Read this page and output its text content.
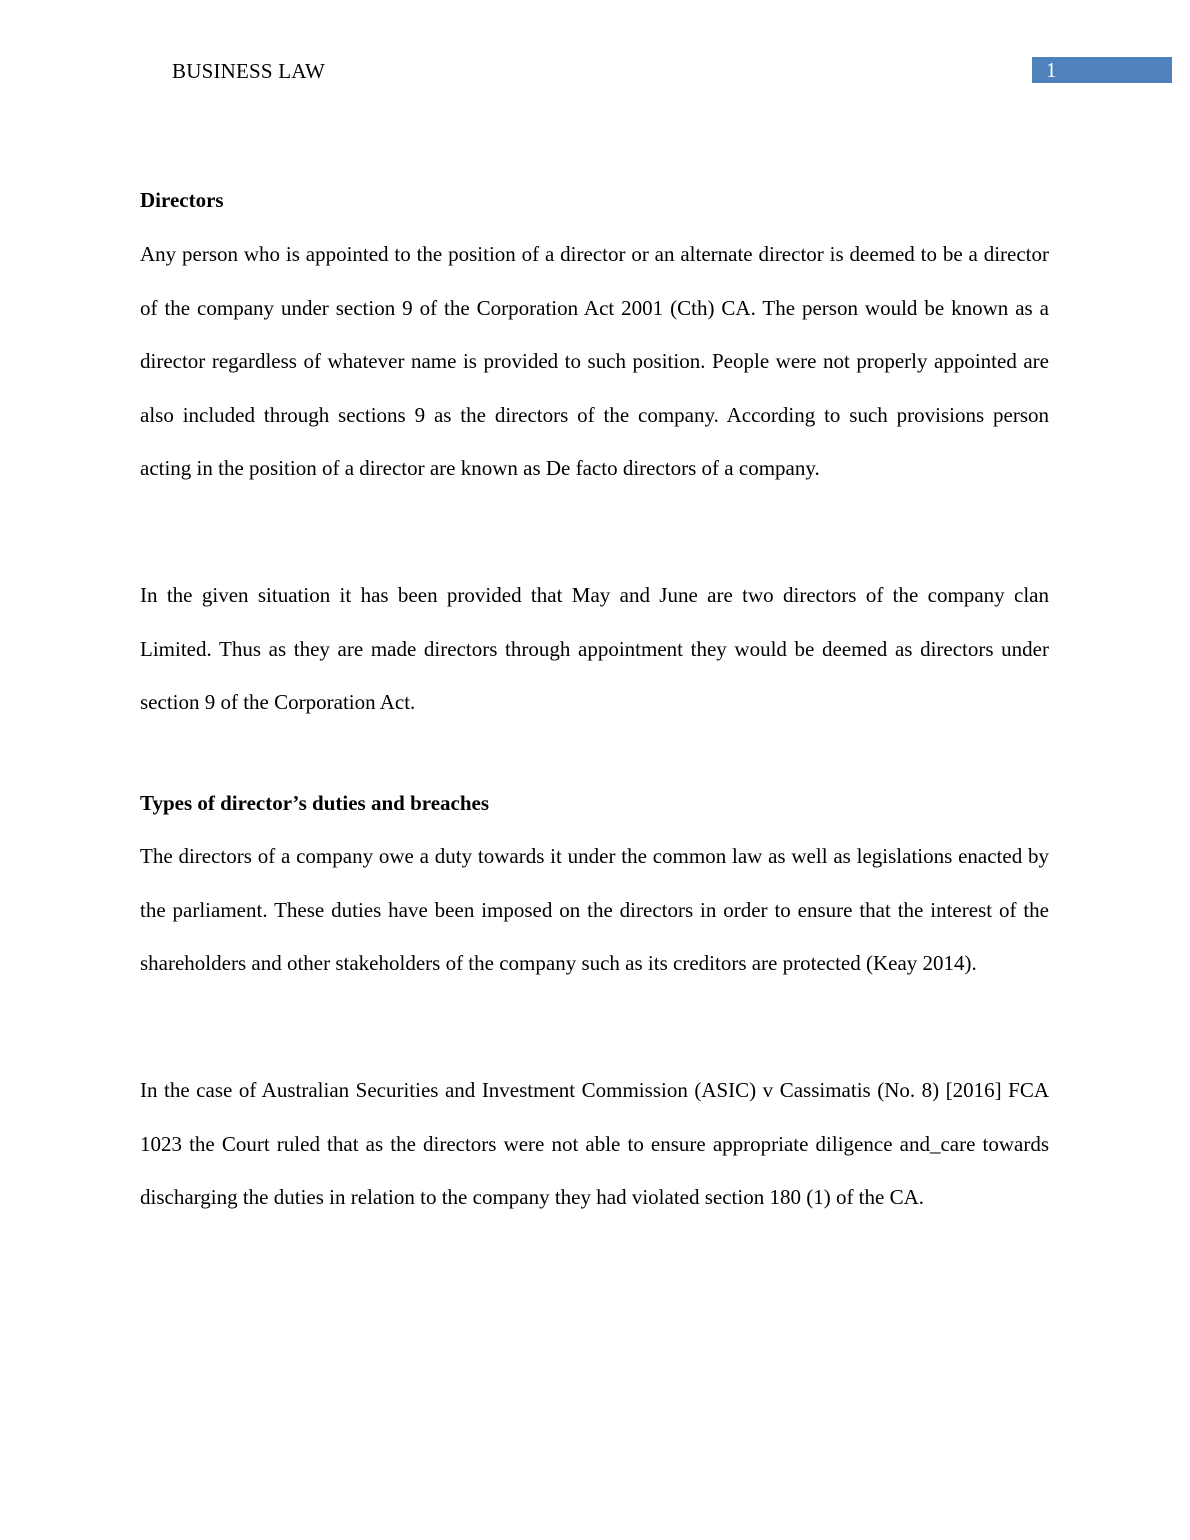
BUSINESS LAW	1
Directors

Any person who is appointed to the position of a director or an alternate director is deemed to be a director of the company under section 9 of the Corporation Act 2001 (Cth) CA. The person would be known as a director regardless of whatever name is provided to such position. People were not properly appointed are also included through sections 9 as the directors of the company. According to such provisions person acting in the position of a director are known as De facto directors of a company.

In the given situation it has been provided that May and June are two directors of the company clan Limited. Thus as they are made directors through appointment they would be deemed as directors under section 9 of the Corporation Act.

Types of director’s duties and breaches

The directors of a company owe a duty towards it under the common law as well as legislations enacted by the parliament. These duties have been imposed on the directors in order to ensure that the interest of the shareholders and other stakeholders of the company such as its creditors are protected (Keay 2014).

In the case of Australian Securities and Investment Commission (ASIC) v Cassimatis (No. 8) [2016] FCA 1023 the Court ruled that as the directors were not able to ensure appropriate diligence and_care towards discharging the duties in relation to the company they had violated section 180 (1) of the CA.
